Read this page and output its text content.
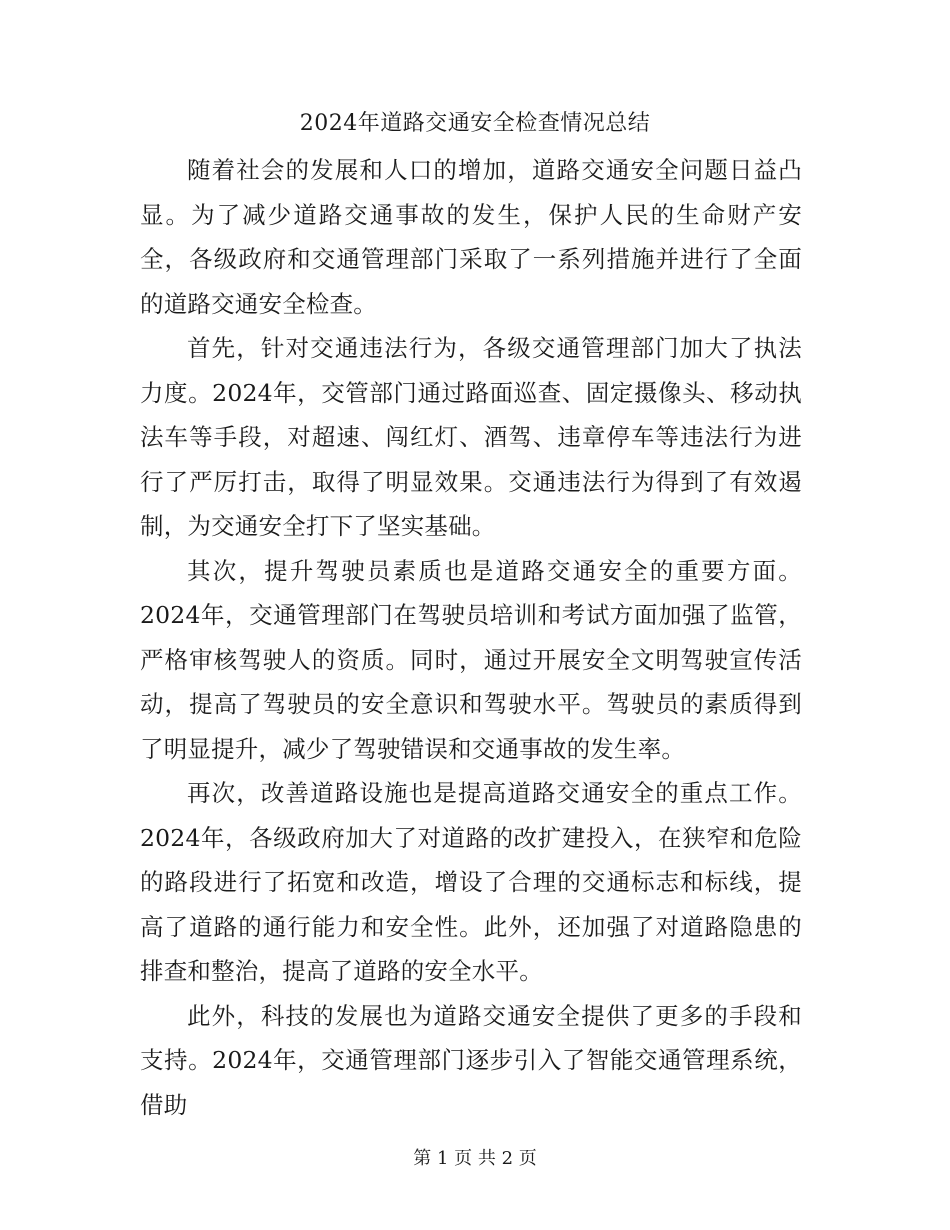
2024年道路交通安全检查情况总结

随着社会的发展和人口的增加，道路交通安全问题日益凸显。为了减少道路交通事故的发生，保护人民的生命财产安全，各级政府和交通管理部门采取了一系列措施并进行了全面的道路交通安全检查。

首先，针对交通违法行为，各级交通管理部门加大了执法力度。2024年，交管部门通过路面巡查、固定摄像头、移动执法车等手段，对超速、闯红灯、酒驾、违章停车等违法行为进行了严厉打击，取得了明显效果。交通违法行为得到了有效遏制，为交通安全打下了坚实基础。

其次，提升驾驶员素质也是道路交通安全的重要方面。2024年，交通管理部门在驾驶员培训和考试方面加强了监管，严格审核驾驶人的资质。同时，通过开展安全文明驾驶宣传活动，提高了驾驶员的安全意识和驾驶水平。驾驶员的素质得到了明显提升，减少了驾驶错误和交通事故的发生率。

再次，改善道路设施也是提高道路交通安全的重点工作。2024年，各级政府加大了对道路的改扩建投入，在狭窄和危险的路段进行了拓宽和改造，增设了合理的交通标志和标线，提高了道路的通行能力和安全性。此外，还加强了对道路隐患的排查和整治，提高了道路的安全水平。

此外，科技的发展也为道路交通安全提供了更多的手段和支持。2024年，交通管理部门逐步引入了智能交通管理系统，借助

第 1 页 共 2 页
